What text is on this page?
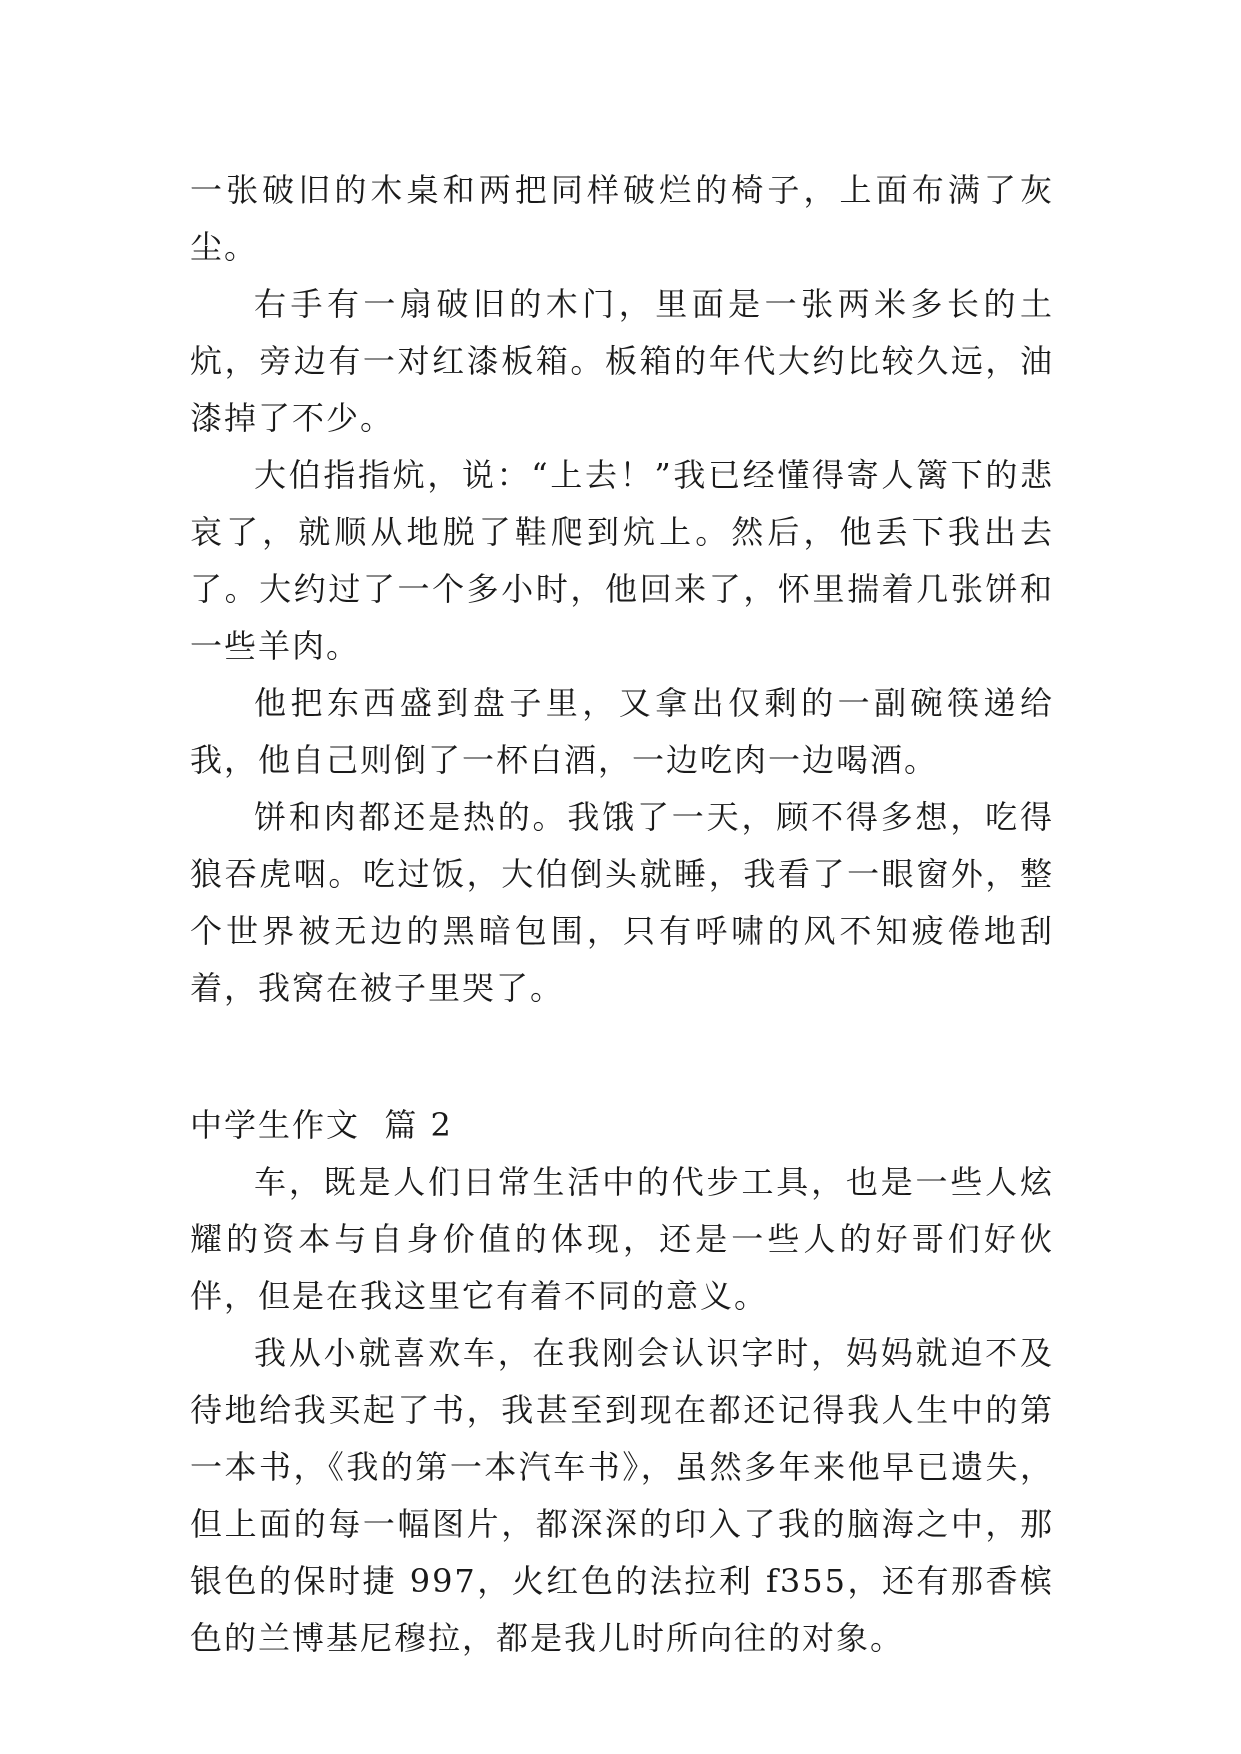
一张破旧的木桌和两把同样破烂的椅子，上面布满了灰尘。

右手有一扇破旧的木门，里面是一张两米多长的土炕，旁边有一对红漆板箱。板箱的年代大约比较久远，油漆掉了不少。

大伯指指炕，说：“上去！”我已经懂得寄人篱下的悲哀了，就顺从地脱了鞋爬到炕上。然后，他丢下我出去了。大约过了一个多小时，他回来了，怀里揣着几张饼和一些羊肉。

他把东西盛到盘子里，又拿出仅剩的一副碗筷递给我，他自己则倒了一杯白酒，一边吃肉一边喝酒。

饼和肉都还是热的。我饿了一天，顾不得多想，吃得狼吞虎咽。吃过饭，大伯倒头就睡，我看了一眼窗外，整个世界被无边的黑暗包围，只有呼啸的风不知疲倦地刮着，我窝在被子里哭了。

中学生作文  篇 2

车，既是人们日常生活中的代步工具，也是一些人炫耀的资本与自身价值的体现，还是一些人的好哥们好伙伴，但是在我这里它有着不同的意义。

我从小就喜欢车，在我刚会认识字时，妈妈就迫不及待地给我买起了书，我甚至到现在都还记得我人生中的第一本书，《我的第一本汽车书》，虽然多年来他早已遗失，但上面的每一幅图片，都深深的印入了我的脑海之中，那银色的保时捷 997，火红色的法拉利 f355，还有那香槟色的兰博基尼穆拉，都是我儿时所向往的对象。
